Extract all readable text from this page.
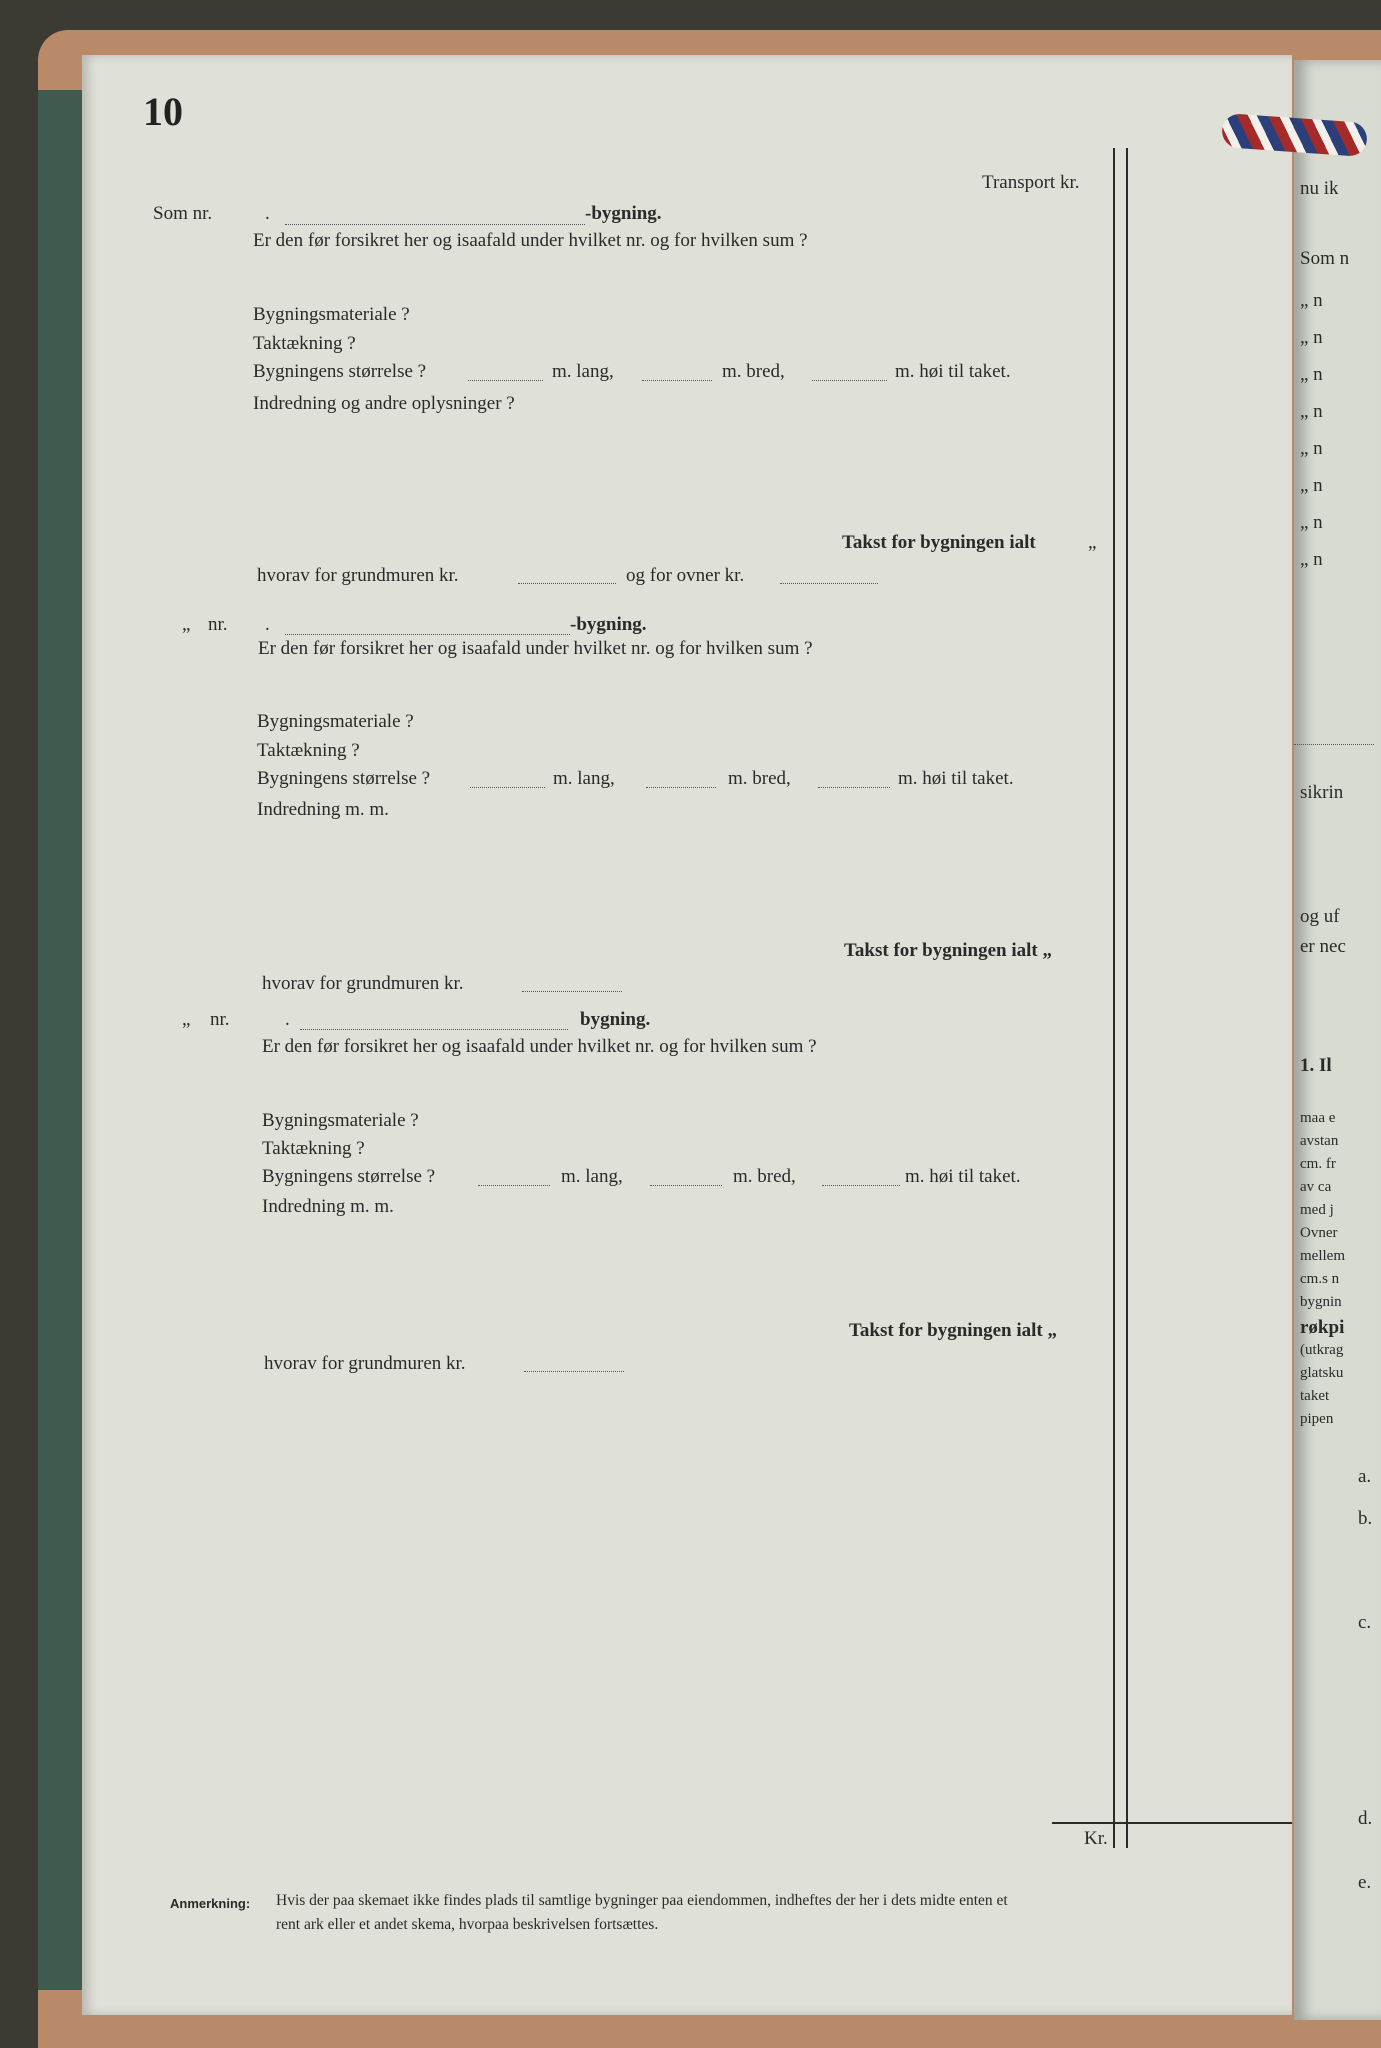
nu ik
Som n
„ n
„ n
„ n
„ n
„ n
„ n
„ n
„ n
sikrin
og uf
er nec
1. Il
maa e
avstan
cm. fr
av ca
med j
Ovner
mellem
cm.s n
bygnin
røkpi
(utkrag
glatsku
taket
pipen
a.
b.
c.
d.
e.
10
Transport kr.
Som nr.	.	-bygning.
Er den før forsikret her og isaafald under hvilket nr. og for hvilken sum ?
Bygningsmateriale ?
Taktækning ?
Bygningens størrelse ?	m. lang,	m. bred,	m. høi til taket.
Indredning og andre oplysninger ?
Takst for bygningen ialt	„
hvorav for grundmuren kr.	og for ovner kr.
„ nr. .	-bygning.
Er den før forsikret her og isaafald under hvilket nr. og for hvilken sum ?
Bygningsmateriale ?
Taktækning ?
Bygningens størrelse ?	m. lang,	m. bred,	m. høi til taket.
Indredning m. m.
Takst for bygningen ialt „
hvorav for grundmuren kr.
„ nr.	.	bygning.
Er den før forsikret her og isaafald under hvilket nr. og for hvilken sum ?
Bygningsmateriale ?
Taktækning ?
Bygningens størrelse ?	m. lang,	m. bred,	m. høi til taket.
Indredning m. m.
Takst for bygningen ialt „
hvorav for grundmuren kr.
Kr.
Anmerkning: Hvis der paa skemaet ikke findes plads til samtlige bygninger paa eiendommen, indheftes der her i dets midte enten et
rent ark eller et andet skema, hvorpaa beskrivelsen fortsættes.
